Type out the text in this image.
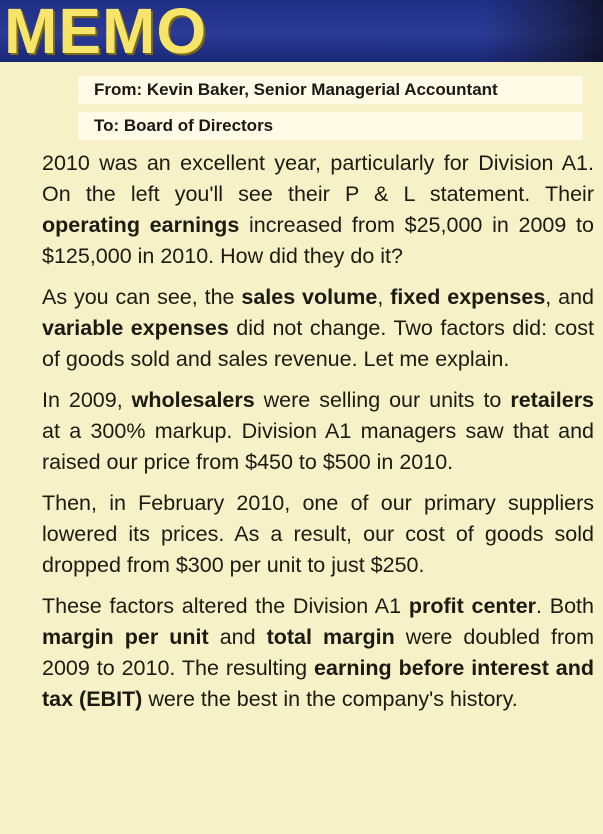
MEMO
From: Kevin Baker, Senior Managerial Accountant
To: Board of Directors

2010 was an excellent year, particularly for Division A1. On the left you'll see their P & L statement. Their operating earnings increased from $25,000 in 2009 to $125,000 in 2010. How did they do it?

As you can see, the sales volume, fixed expenses, and variable expenses did not change. Two factors did: cost of goods sold and sales revenue. Let me explain.

In 2009, wholesalers were selling our units to retailers at a 300% markup. Division A1 managers saw that and raised our price from $450 to $500 in 2010.

Then, in February 2010, one of our primary suppliers lowered its prices. As a result, our cost of goods sold dropped from $300 per unit to just $250.

These factors altered the Division A1 profit center. Both margin per unit and total margin were doubled from 2009 to 2010. The resulting earning before interest and tax (EBIT) were the best in the company's history.
